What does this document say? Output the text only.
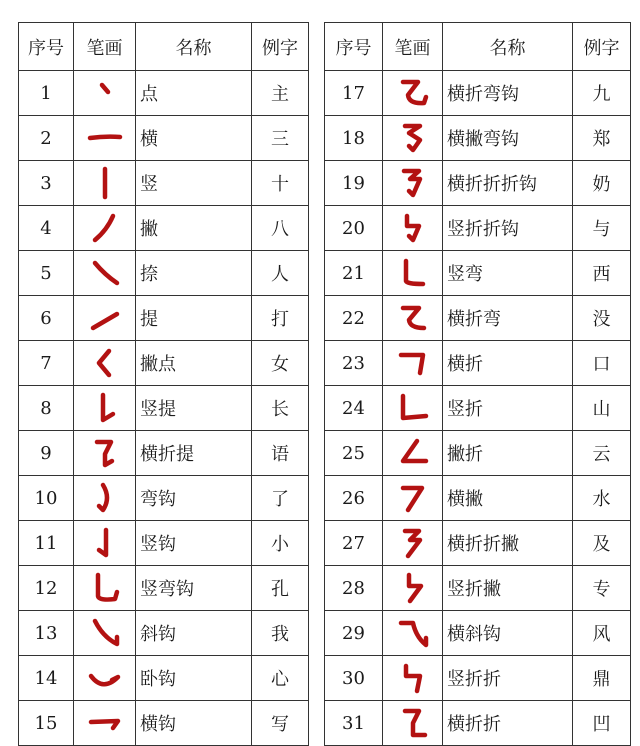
序号	笔画	名称	例字
1		点	主
2		横	三
3		竖	十
4		撇	八
5		捺	人
6		提	打
7		撇点	女
8		竖提	长
9		横折提	语
10		弯钩	了
11		竖钩	小
12		竖弯钩	孔
13		斜钩	我
14		卧钩	心
15		横钩	写
序号	笔画	名称	例字
17		横折弯钩	九
18		横撇弯钩	郑
19		横折折折钩	奶
20		竖折折钩	与
21		竖弯	西
22		横折弯	没
23		横折	口
24		竖折	山
25		撇折	云
26		横撇	水
27		横折折撇	及
28		竖折撇	专
29		横斜钩	风
30		竖折折	鼎
31		横折折	凹
